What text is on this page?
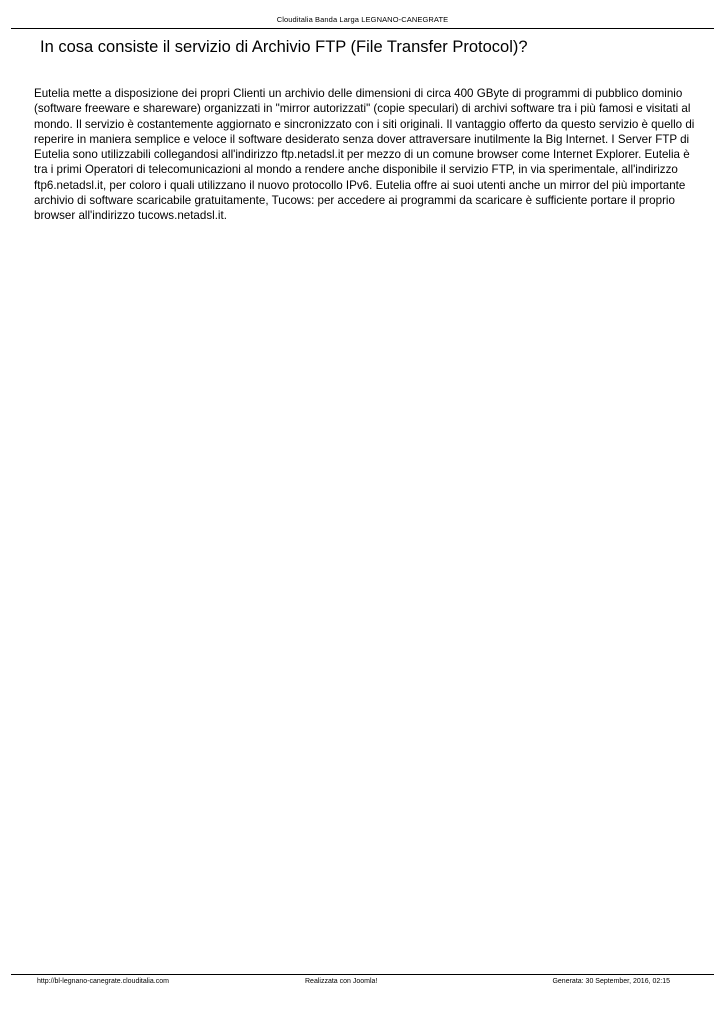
Clouditalia Banda Larga LEGNANO-CANEGRATE
In cosa consiste il servizio di Archivio FTP (File Transfer Protocol)?

Eutelia mette a disposizione dei propri Clienti un archivio delle dimensioni di circa 400 GByte di programmi di pubblico dominio (software freeware e shareware) organizzati in "mirror autorizzati" (copie speculari) di archivi software tra i più famosi e visitati al mondo. Il servizio è costantemente aggiornato e sincronizzato con i siti originali. Il vantaggio offerto da questo servizio è quello di reperire in maniera semplice e veloce il software desiderato senza dover attraversare inutilmente la Big Internet. I Server FTP di Eutelia sono utilizzabili collegandosi all'indirizzo ftp.netadsl.it per mezzo di un comune browser come Internet Explorer. Eutelia è tra i primi Operatori di telecomunicazioni al mondo a rendere anche disponibile il servizio FTP, in via sperimentale, all'indirizzo ftp6.netadsl.it, per coloro i quali utilizzano il nuovo protocollo IPv6. Eutelia offre ai suoi utenti anche un mirror del più importante archivio di software scaricabile gratuitamente, Tucows: per accedere ai programmi da scaricare è sufficiente portare il proprio browser all'indirizzo tucows.netadsl.it.

http://bl-legnano-canegrate.clouditalia.com	Realizzata con Joomla!	Generata: 30 September, 2016, 02:15
